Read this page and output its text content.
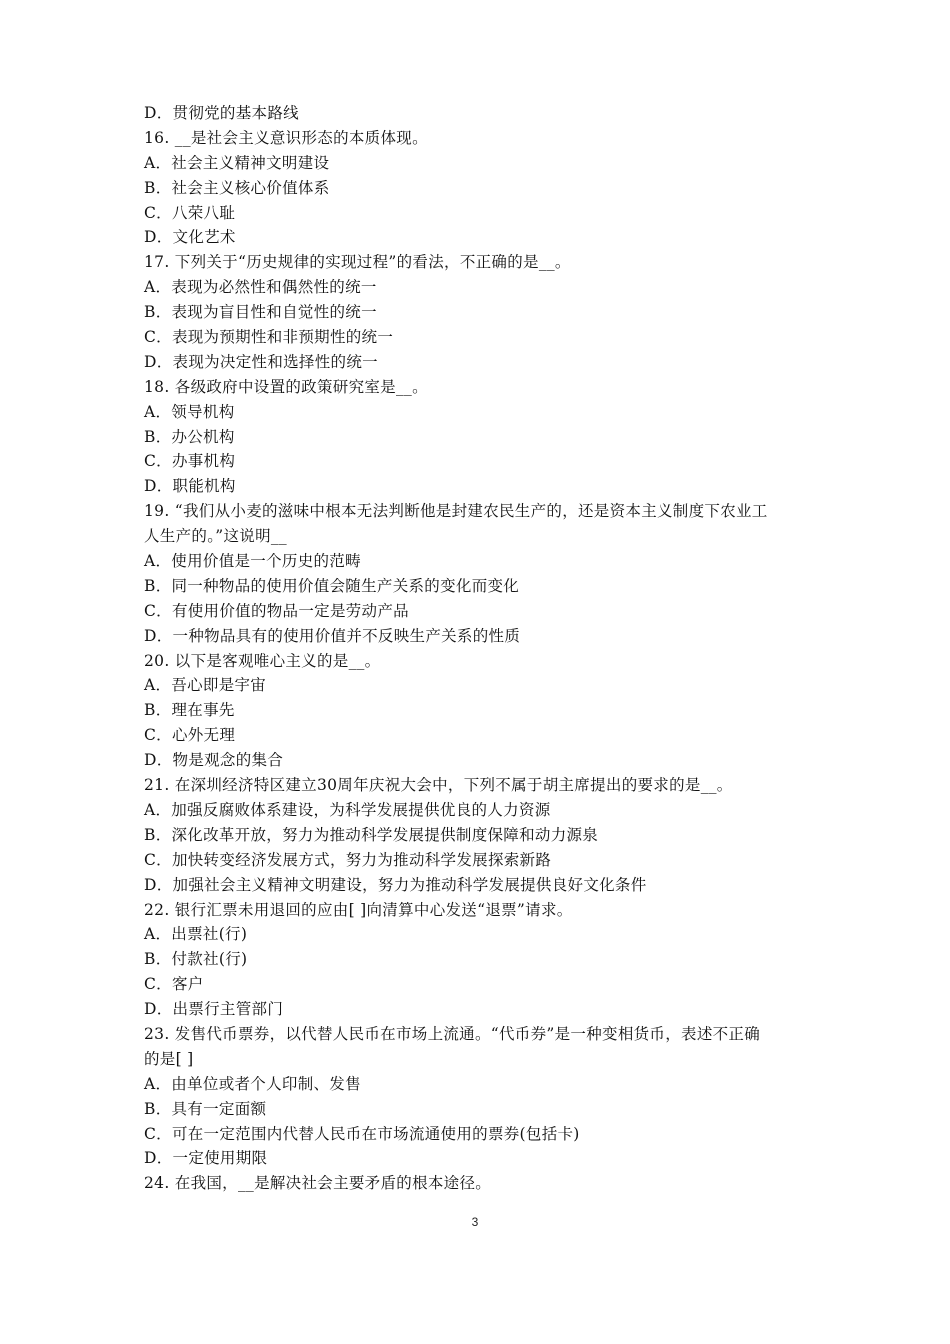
D．贯彻党的基本路线
16. __是社会主义意识形态的本质体现。
A．社会主义精神文明建设
B．社会主义核心价值体系
C．八荣八耻
D．文化艺术
17. 下列关于“历史规律的实现过程”的看法，不正确的是__。
A．表现为必然性和偶然性的统一
B．表现为盲目性和自觉性的统一
C．表现为预期性和非预期性的统一
D．表现为决定性和选择性的统一
18. 各级政府中设置的政策研究室是__。
A．领导机构
B．办公机构
C．办事机构
D．职能机构
19. “我们从小麦的滋味中根本无法判断他是封建农民生产的，还是资本主义制度下农业工
人生产的。”这说明__
A．使用价值是一个历史的范畴
B．同一种物品的使用价值会随生产关系的变化而变化
C．有使用价值的物品一定是劳动产品
D．一种物品具有的使用价值并不反映生产关系的性质
20. 以下是客观唯心主义的是__。
A．吾心即是宇宙
B．理在事先
C．心外无理
D．物是观念的集合
21. 在深圳经济特区建立30周年庆祝大会中，下列不属于胡主席提出的要求的是__。
A．加强反腐败体系建设，为科学发展提供优良的人力资源
B．深化改革开放，努力为推动科学发展提供制度保障和动力源泉
C．加快转变经济发展方式，努力为推动科学发展探索新路
D．加强社会主义精神文明建设，努力为推动科学发展提供良好文化条件
22. 银行汇票未用退回的应由[ ]向清算中心发送“退票”请求。
A．出票社(行)
B．付款社(行)
C．客户
D．出票行主管部门
23. 发售代币票券，以代替人民币在市场上流通。“代币券”是一种变相货币，表述不正确
的是[ ]
A．由单位或者个人印制、发售
B．具有一定面额
C．可在一定范围内代替人民币在市场流通使用的票券(包括卡)
D．一定使用期限
24. 在我国，__是解决社会主要矛盾的根本途径。
3
